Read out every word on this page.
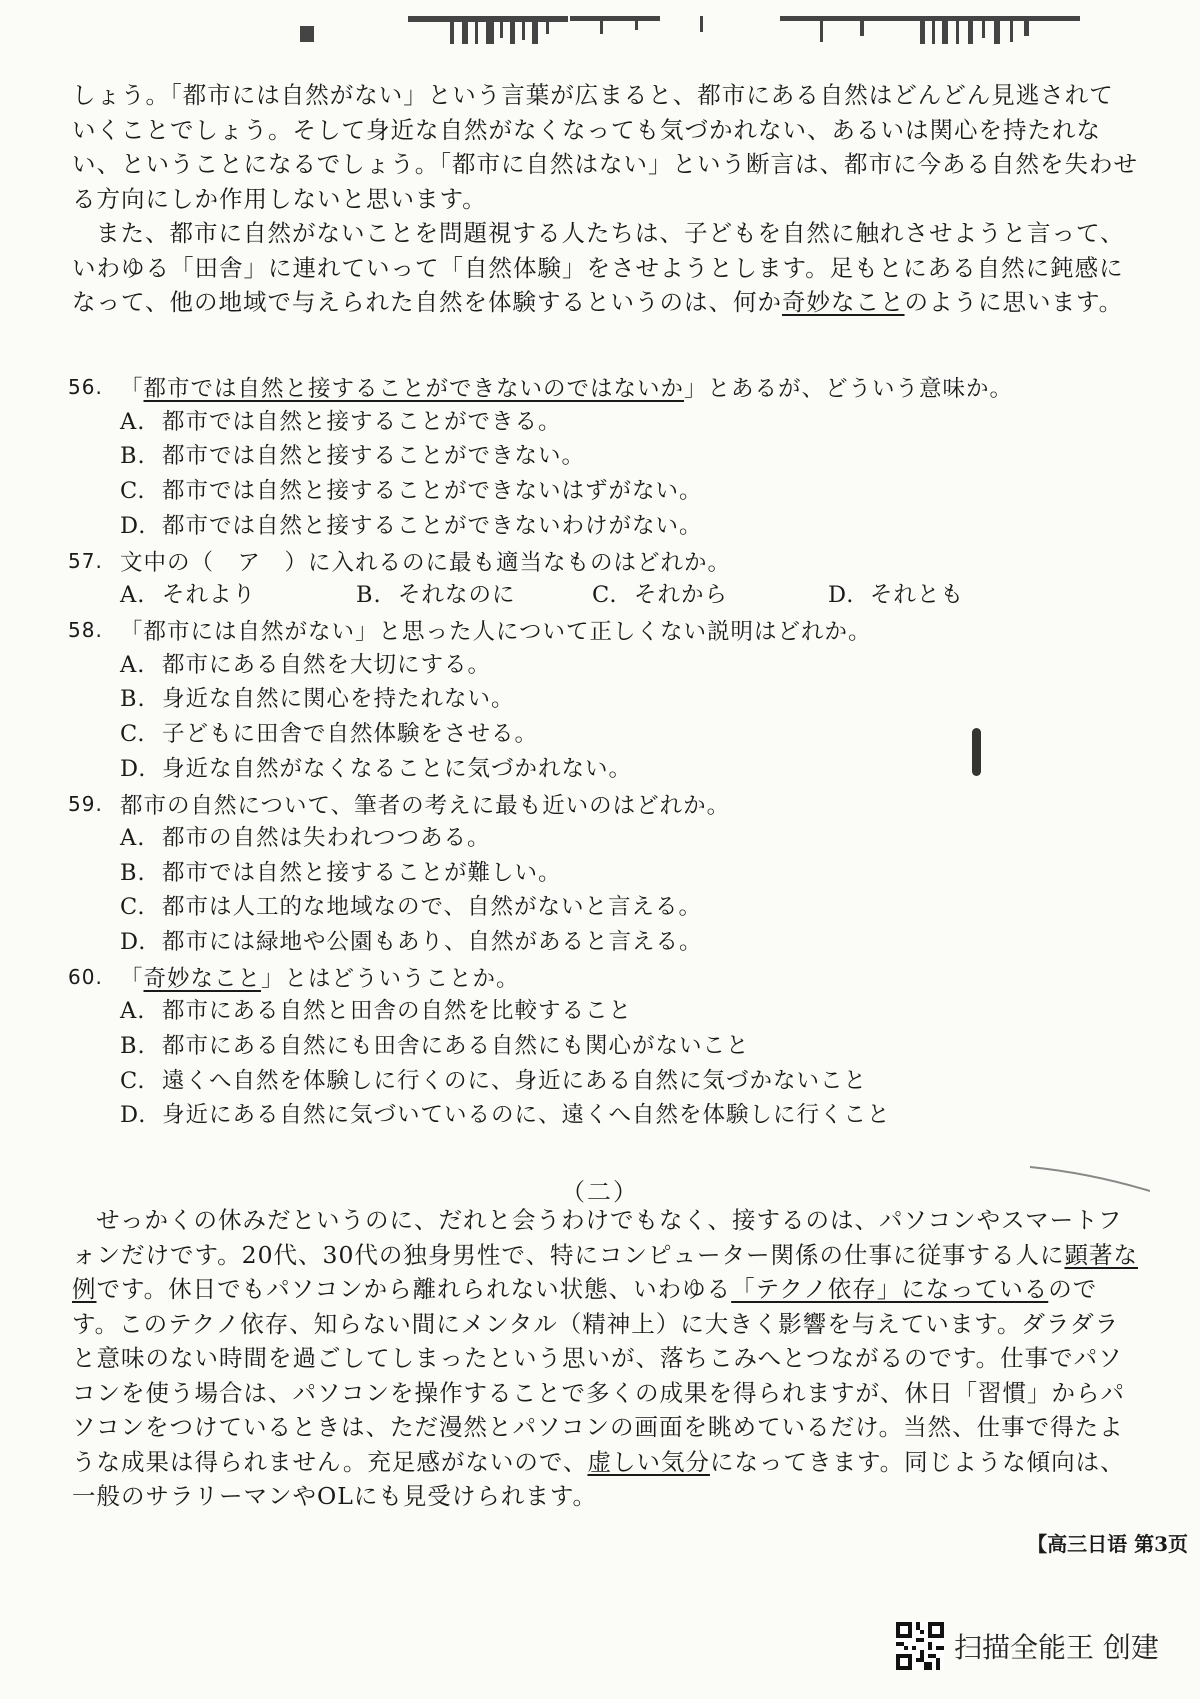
しょう。「都市には自然がない」という言葉が広まると、都市にある自然はどんどん見逃されていくことでしょう。そして身近な自然がなくなっても気づかれない、あるいは関心を持たれない、ということになるでしょう。「都市に自然はない」という断言は、都市に今ある自然を失わせる方向にしか作用しないと思います。

また、都市に自然がないことを問題視する人たちは、子どもを自然に触れさせようと言って、いわゆる「田舎」に連れていって「自然体験」をさせようとします。足もとにある自然に鈍感になって、他の地域で与えられた自然を体験するというのは、何か奇妙なことのように思います。

56. 「都市では自然と接することができないのではないか」とあるが、どういう意味か。
A. 都市では自然と接することができる。
B. 都市では自然と接することができない。
C. 都市では自然と接することができないはずがない。
D. 都市では自然と接することができないわけがない。
57. 文中の（　ア　）に入れるのに最も適当なものはどれか。
A. それより	B. それなのに	C. それから	D. それとも
58. 「都市には自然がない」と思った人について正しくない説明はどれか。
A. 都市にある自然を大切にする。
B. 身近な自然に関心を持たれない。
C. 子どもに田舎で自然体験をさせる。
D. 身近な自然がなくなることに気づかれない。
59. 都市の自然について、筆者の考えに最も近いのはどれか。
A. 都市の自然は失われつつある。
B. 都市では自然と接することが難しい。
C. 都市は人工的な地域なので、自然がないと言える。
D. 都市には緑地や公園もあり、自然があると言える。
60. 「奇妙なこと」とはどういうことか。
A. 都市にある自然と田舎の自然を比較すること
B. 都市にある自然にも田舎にある自然にも関心がないこと
C. 遠くへ自然を体験しに行くのに、身近にある自然に気づかないこと
D. 身近にある自然に気づいているのに、遠くへ自然を体験しに行くこと
（二）

せっかくの休みだというのに、だれと会うわけでもなく、接するのは、パソコンやスマートフォンだけです。20代、30代の独身男性で、特にコンピューター関係の仕事に従事する人に顕著な例です。休日でもパソコンから離れられない状態、いわゆる「テクノ依存」になっているのです。このテクノ依存、知らない間にメンタル（精神上）に大きく影響を与えています。ダラダラと意味のない時間を過ごしてしまったという思いが、落ちこみへとつながるのです。仕事でパソコンを使う場合は、パソコンを操作することで多くの成果を得られますが、休日「習慣」からパソコンをつけているときは、ただ漫然とパソコンの画面を眺めているだけ。当然、仕事で得たような成果は得られません。充足感がないので、虚しい気分になってきます。同じような傾向は、一般のサラリーマンやOLにも見受けられます。

【高三日语 第3页
扫描全能王 创建
